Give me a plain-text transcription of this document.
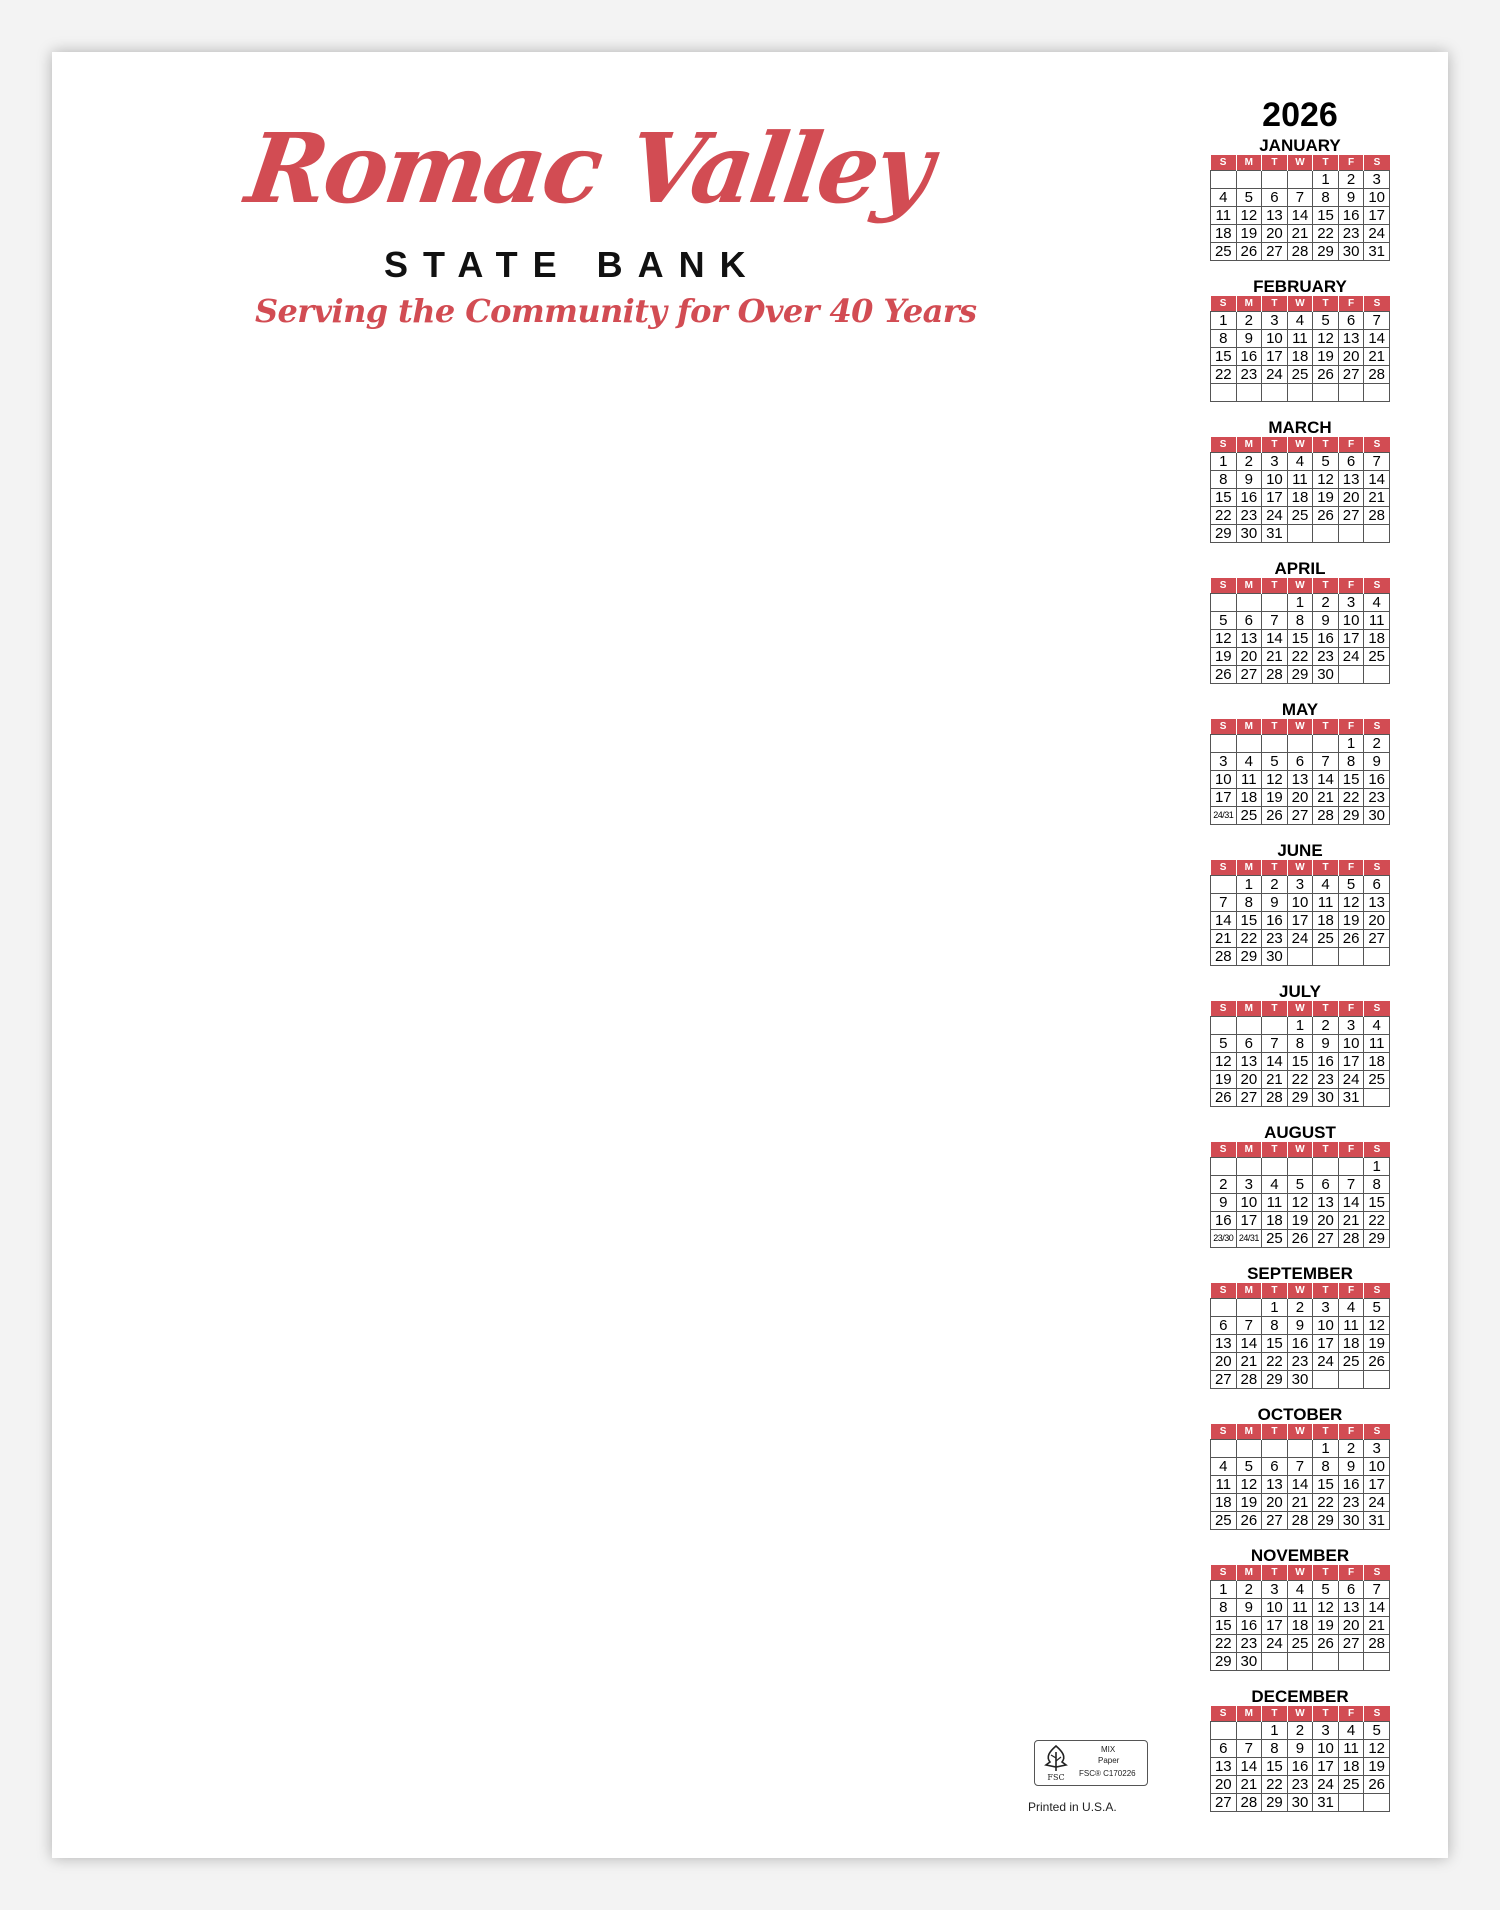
Romac Valley
STATE BANK
Serving the Community for Over 40 Years
FSC
MIX
Paper
FSC® C170226
Printed in U.S.A.
2026
JANUARY
S	M	T	W	T	F	S
				1	2	3
4	5	6	7	8	9	10
11	12	13	14	15	16	17
18	19	20	21	22	23	24
25	26	27	28	29	30	31
FEBRUARY
S	M	T	W	T	F	S
1	2	3	4	5	6	7
8	9	10	11	12	13	14
15	16	17	18	19	20	21
22	23	24	25	26	27	28

MARCH
S	M	T	W	T	F	S
1	2	3	4	5	6	7
8	9	10	11	12	13	14
15	16	17	18	19	20	21
22	23	24	25	26	27	28
29	30	31				
APRIL
S	M	T	W	T	F	S
			1	2	3	4
5	6	7	8	9	10	11
12	13	14	15	16	17	18
19	20	21	22	23	24	25
26	27	28	29	30		
MAY
S	M	T	W	T	F	S
					1	2
3	4	5	6	7	8	9
10	11	12	13	14	15	16
17	18	19	20	21	22	23
24/31	25	26	27	28	29	30
JUNE
S	M	T	W	T	F	S
	1	2	3	4	5	6
7	8	9	10	11	12	13
14	15	16	17	18	19	20
21	22	23	24	25	26	27
28	29	30				
JULY
S	M	T	W	T	F	S
			1	2	3	4
5	6	7	8	9	10	11
12	13	14	15	16	17	18
19	20	21	22	23	24	25
26	27	28	29	30	31	
AUGUST
S	M	T	W	T	F	S
						1
2	3	4	5	6	7	8
9	10	11	12	13	14	15
16	17	18	19	20	21	22
23/30	24/31	25	26	27	28	29
SEPTEMBER
S	M	T	W	T	F	S
		1	2	3	4	5
6	7	8	9	10	11	12
13	14	15	16	17	18	19
20	21	22	23	24	25	26
27	28	29	30			
OCTOBER
S	M	T	W	T	F	S
				1	2	3
4	5	6	7	8	9	10
11	12	13	14	15	16	17
18	19	20	21	22	23	24
25	26	27	28	29	30	31
NOVEMBER
S	M	T	W	T	F	S
1	2	3	4	5	6	7
8	9	10	11	12	13	14
15	16	17	18	19	20	21
22	23	24	25	26	27	28
29	30					
DECEMBER
S	M	T	W	T	F	S
		1	2	3	4	5
6	7	8	9	10	11	12
13	14	15	16	17	18	19
20	21	22	23	24	25	26
27	28	29	30	31		
